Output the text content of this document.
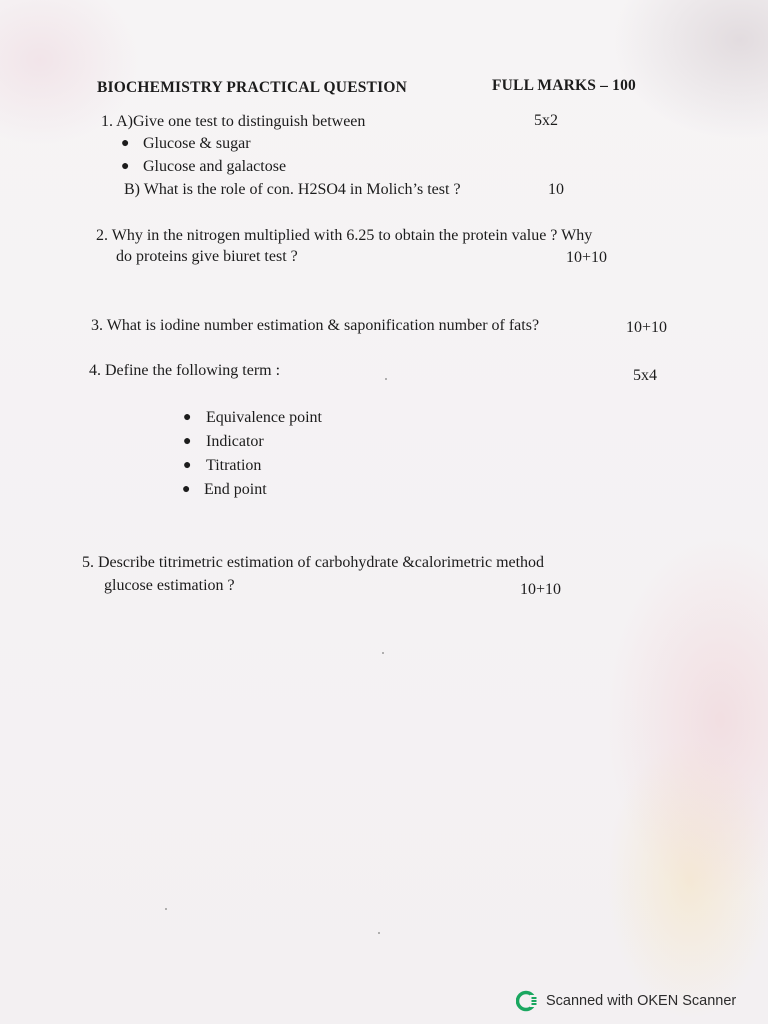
BIOCHEMISTRY PRACTICAL QUESTION	FULL MARKS – 100
1. A)Give one test to distinguish between	5x2
● Glucose & sugar
● Glucose and galactose
B) What is the role of con. H2SO4 in Molich’s test ?	10
2. Why in the nitrogen multiplied with 6.25 to obtain the protein value ? Why
do proteins give biuret test ?	10+10
3. What is iodine number estimation & saponification number of fats?	10+10
4. Define the following term :	5x4
● Equivalence point
● Indicator
● Titration
● End point
5. Describe titrimetric estimation of carbohydrate &calorimetric method
glucose estimation ?	10+10
Scanned with OKEN Scanner
